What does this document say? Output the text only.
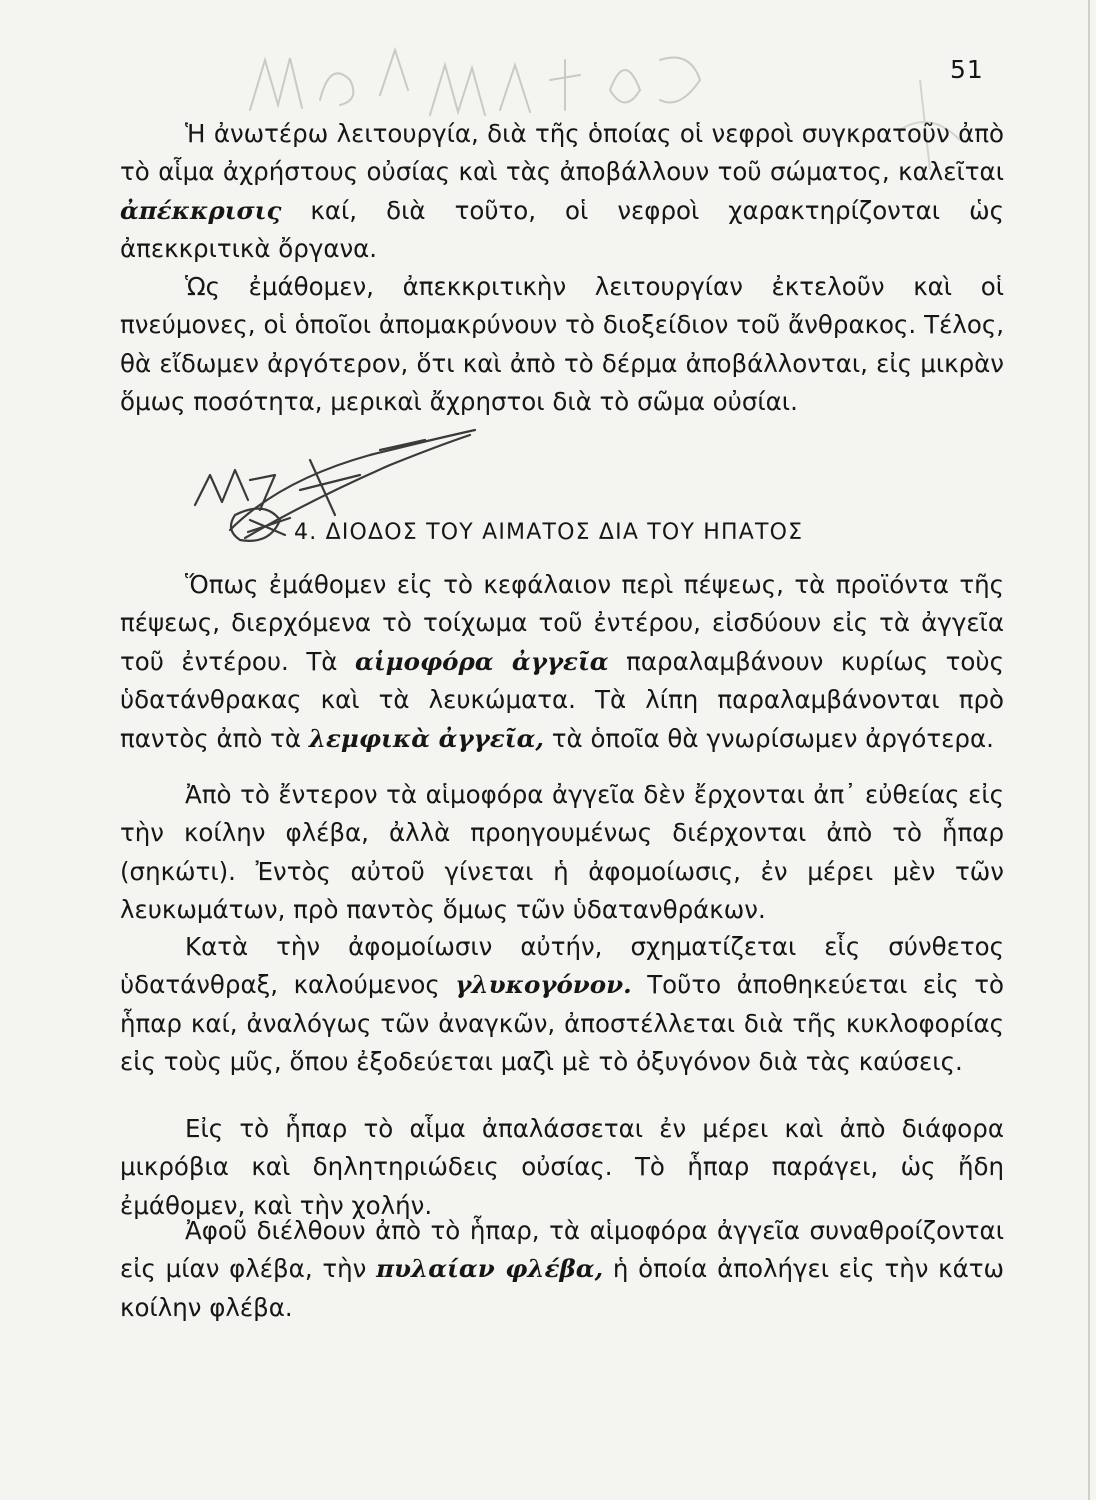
51

Ἡ ἀνωτέρω λειτουργία, διὰ τῆς ὁποίας οἱ νεφροὶ συγκρατοῦν ἀπὸ τὸ αἷμα ἀχρήστους οὐσίας καὶ τὰς ἀποβάλλουν τοῦ σώματος, καλεῖται ἀπέκκρισις καί, διὰ τοῦτο, οἱ νεφροὶ χαρακτηρίζονται ὡς ἀπεκκριτικὰ ὄργανα.

Ὡς ἐμάθομεν, ἀπεκκριτικὴν λειτουργίαν ἐκτελοῦν καὶ οἱ πνεύμονες, οἱ ὁποῖοι ἀπομακρύνουν τὸ διοξείδιον τοῦ ἄνθρακος. Τέλος, θὰ εἴδωμεν ἀργότερον, ὅτι καὶ ἀπὸ τὸ δέρμα ἀποβάλλονται, εἰς μικρὰν ὅμως ποσότητα, μερικαὶ ἄχρηστοι διὰ τὸ σῶμα οὐσίαι.

4. ΔΙΟΔΟΣ ΤΟΥ ΑΙΜΑΤΟΣ ΔΙΑ ΤΟΥ ΗΠΑΤΟΣ

Ὅπως ἐμάθομεν εἰς τὸ κεφάλαιον περὶ πέψεως, τὰ προϊόντα τῆς πέψεως, διερχόμενα τὸ τοίχωμα τοῦ ἐντέρου, εἰσδύουν εἰς τὰ ἀγγεῖα τοῦ ἐντέρου. Τὰ αἱμοφόρα ἀγγεῖα παραλαμβάνουν κυρίως τοὺς ὑδατάνθρακας καὶ τὰ λευκώματα. Τὰ λίπη παραλαμβάνονται πρὸ παντὸς ἀπὸ τὰ λεμφικὰ ἀγγεῖα, τὰ ὁποῖα θὰ γνωρίσωμεν ἀργότερα.

Ἀπὸ τὸ ἔντερον τὰ αἱμοφόρα ἀγγεῖα δὲν ἔρχονται ἀπ᾿ εὐθείας εἰς τὴν κοίλην φλέβα, ἀλλὰ προηγουμένως διέρχονται ἀπὸ τὸ ἧπαρ (σηκώτι). Ἐντὸς αὐτοῦ γίνεται ἡ ἀφομοίωσις, ἐν μέρει μὲν τῶν λευκωμάτων, πρὸ παντὸς ὅμως τῶν ὑδατανθράκων.

Κατὰ τὴν ἀφομοίωσιν αὐτήν, σχηματίζεται εἷς σύνθετος ὑδατάνθραξ, καλούμενος γλυκογόνον. Τοῦτο ἀποθηκεύεται εἰς τὸ ἧπαρ καί, ἀναλόγως τῶν ἀναγκῶν, ἀποστέλλεται διὰ τῆς κυκλοφορίας εἰς τοὺς μῦς, ὅπου ἐξοδεύεται μαζὶ μὲ τὸ ὀξυγόνον διὰ τὰς καύσεις.

Εἰς τὸ ἧπαρ τὸ αἷμα ἀπαλάσσεται ἐν μέρει καὶ ἀπὸ διάφορα μικρόβια καὶ δηλητηριώδεις οὐσίας. Τὸ ἧπαρ παράγει, ὡς ἤδη ἐμάθομεν, καὶ τὴν χολήν.

Ἀφοῦ διέλθουν ἀπὸ τὸ ἧπαρ, τὰ αἱμοφόρα ἀγγεῖα συναθροίζονται εἰς μίαν φλέβα, τὴν πυλαίαν φλέβα, ἡ ὁποία ἀπολήγει εἰς τὴν κάτω κοίλην φλέβα.
